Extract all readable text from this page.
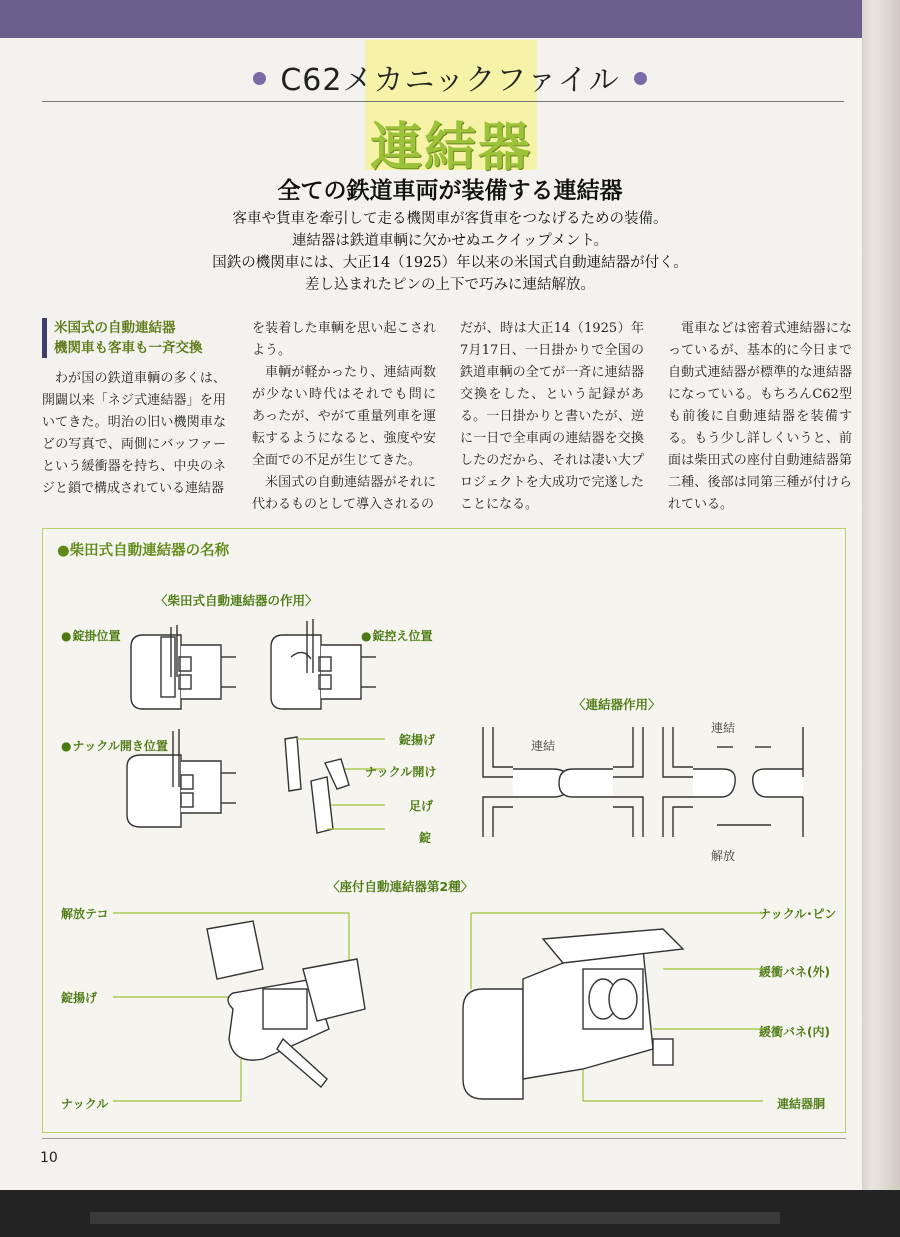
C62メカニックファイル
連結器
全ての鉄道車両が装備する連結器
客車や貨車を牽引して走る機関車が客貨車をつなげるための装備。
連結器は鉄道車輌に欠かせぬエクイップメント。
国鉄の機関車には、大正14（1925）年以来の米国式自動連結器が付く。
差し込まれたピンの上下で巧みに連結解放。
米国式の自動連結器
機関車も客車も一斉交換

わが国の鉄道車輌の多くは、開闢以来「ネジ式連結器」を用いてきた。明治の旧い機関車などの写真で、両側にバッファーという緩衝器を持ち、中央のネジと鎖で構成されている連結器

を装着した車輌を思い起こされよう。

車輌が軽かったり、連結両数が少ない時代はそれでも問に あったが、やがて重量列車を運転するようになると、強度や安全面での不足が生じてきた。

米国式の自動連結器がそれに代わるものとして導入されるの

だが、時は大正14（1925）年7月17日、一日掛かりで全国の鉄道車輌の全てが一斉に連結器交換をした、という記録がある。一日掛かりと書いたが、逆に一日で全車両の連結器を交換したのだから、それは凄い大プロジェクトを大成功で完遂したことになる。

電車などは密着式連結器になっているが、基本的に今日まで自動式連結器が標準的な連結器になっている。もちろんC62型も前後に自動連結器を装備する。もう少し詳しくいうと、前面は柴田式の座付自動連結器第二種、後部は同第三種が付けられている。

●柴田式自動連結器の名称
〈柴田式自動連結器の作用〉
● 錠掛位置
●	錠控え位置
● ナックル開き位置	錠揚げ
ナックル開け
足げ
錠
〈連結器作用〉
連結
連結
解放
〈座付自動連結器第2種〉
解放テコ
錠揚げ
ナックル
ナックル･ピン
緩衝バネ(外)
緩衝バネ(内)
連結器胴
10
